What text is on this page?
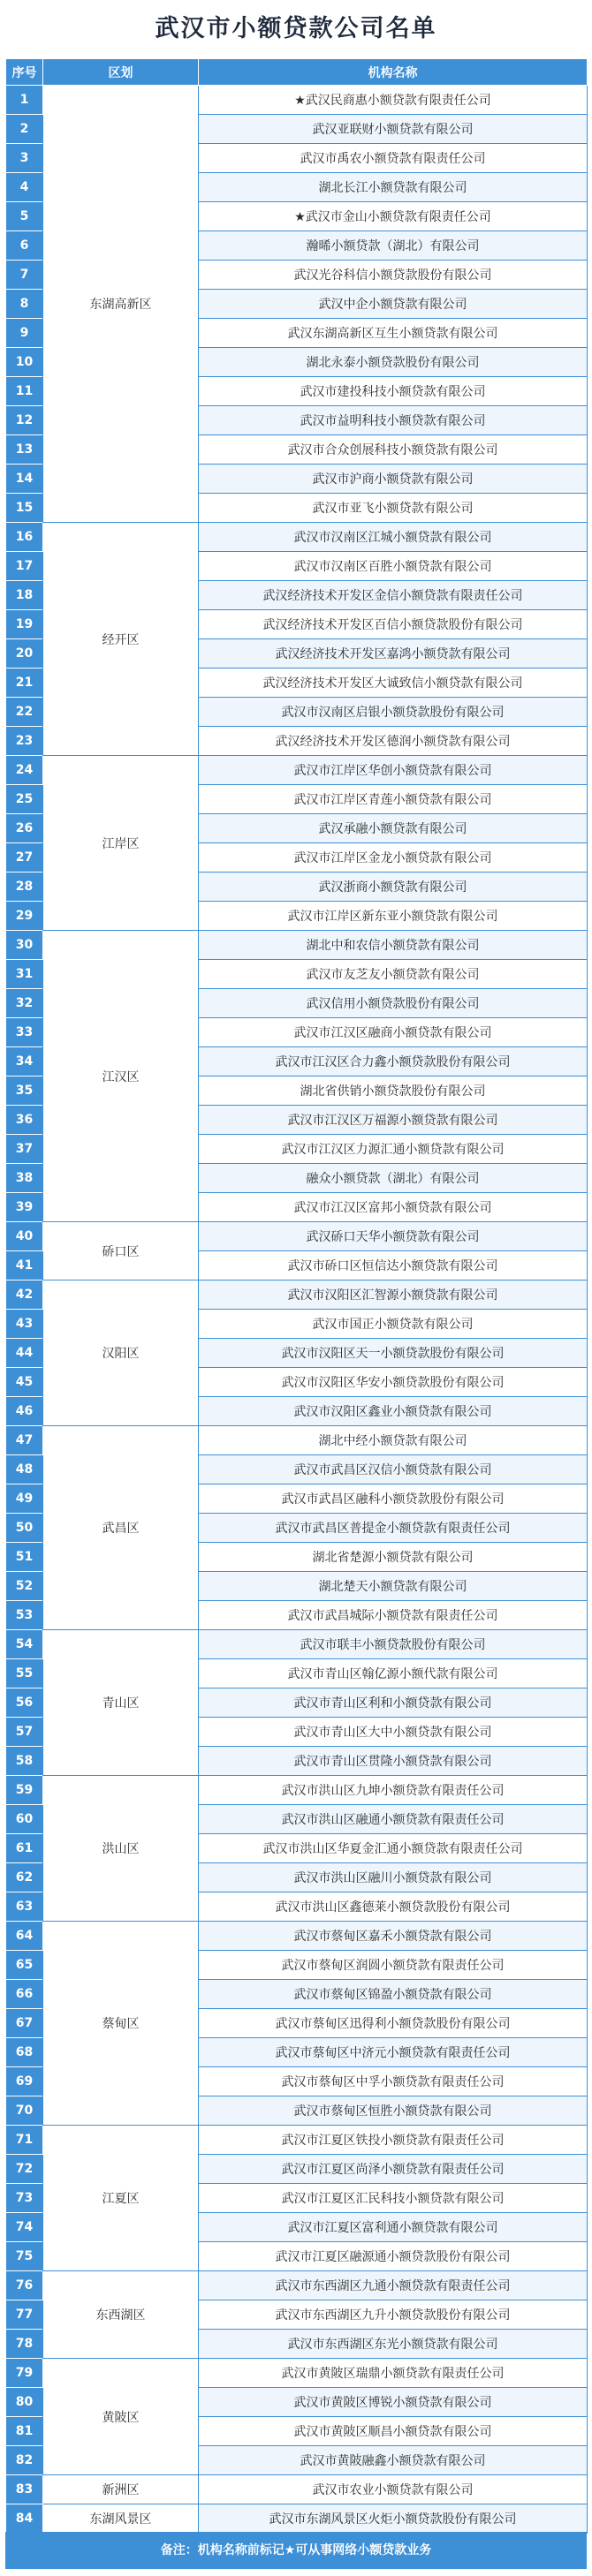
武汉市小额贷款公司名单
序号	区划	机构名称
1	东湖高新区	★武汉民商惠小额贷款有限责任公司
2		武汉亚联财小额贷款有限公司
3		武汉市禹农小额贷款有限责任公司
4		湖北长江小额贷款有限公司
5		★武汉市金山小额贷款有限责任公司
6		瀚晞小额贷款（湖北）有限公司
7		武汉光谷科信小额贷款股份有限公司
8		武汉中企小额贷款有限公司
9		武汉东湖高新区互生小额贷款有限公司
10		湖北永泰小额贷款股份有限公司
11		武汉市建投科技小额贷款有限公司
12		武汉市益明科技小额贷款有限公司
13		武汉市合众创展科技小额贷款有限公司
14		武汉市沪商小额贷款有限公司
15		武汉市亚飞小额贷款有限公司
16	经开区	武汉市汉南区江城小额贷款有限公司
17		武汉市汉南区百胜小额贷款有限公司
18		武汉经济技术开发区金信小额贷款有限责任公司
19		武汉经济技术开发区百信小额贷款股份有限公司
20		武汉经济技术开发区嘉鸿小额贷款有限公司
21		武汉经济技术开发区大诚致信小额贷款有限公司
22		武汉市汉南区启银小额贷款股份有限公司
23		武汉经济技术开发区德润小额贷款有限公司
24	江岸区	武汉市江岸区华创小额贷款有限公司
25		武汉市江岸区青莲小额贷款有限公司
26		武汉承融小额贷款有限公司
27		武汉市江岸区金龙小额贷款有限公司
28		武汉浙商小额贷款有限公司
29		武汉市江岸区新东亚小额贷款有限公司
30	江汉区	湖北中和农信小额贷款有限公司
31		武汉市友芝友小额贷款有限公司
32		武汉信用小额贷款股份有限公司
33		武汉市江汉区融商小额贷款有限公司
34		武汉市江汉区合力鑫小额贷款股份有限公司
35		湖北省供销小额贷款股份有限公司
36		武汉市江汉区万福源小额贷款有限公司
37		武汉市江汉区力源汇通小额贷款有限公司
38		融众小额贷款（湖北）有限公司
39		武汉市江汉区富邦小额贷款有限公司
40	硚口区	武汉硚口天华小额贷款有限公司
41		武汉市硚口区恒信达小额贷款有限公司
42	汉阳区	武汉市汉阳区汇智源小额贷款有限公司
43		武汉市国正小额贷款有限公司
44		武汉市汉阳区天一小额贷款股份有限公司
45		武汉市汉阳区华安小额贷款股份有限公司
46		武汉市汉阳区鑫业小额贷款有限公司
47	武昌区	湖北中经小额贷款有限公司
48		武汉市武昌区汉信小额贷款有限公司
49		武汉市武昌区融科小额贷款股份有限公司
50		武汉市武昌区普提金小额贷款有限责任公司
51		湖北省楚源小额贷款有限公司
52		湖北楚天小额贷款有限公司
53		武汉市武昌城际小额贷款有限责任公司
54	青山区	武汉市联丰小额贷款股份有限公司
55		武汉市青山区翰亿源小额代款有限公司
56		武汉市青山区利和小额贷款有限公司
57		武汉市青山区大中小额贷款有限公司
58		武汉市青山区贯隆小额贷款有限公司
59	洪山区	武汉市洪山区九坤小额贷款有限责任公司
60		武汉市洪山区融通小额贷款有限责任公司
61		武汉市洪山区华夏金汇通小额贷款有限责任公司
62		武汉市洪山区融川小额贷款有限公司
63		武汉市洪山区鑫德莱小额贷款股份有限公司
64	蔡甸区	武汉市蔡甸区嘉禾小额贷款有限公司
65		武汉市蔡甸区润圆小额贷款有限责任公司
66		武汉市蔡甸区锦盈小额贷款有限公司
67		武汉市蔡甸区迅得利小额贷款股份有限公司
68		武汉市蔡甸区中济元小额贷款有限责任公司
69		武汉市蔡甸区中孚小额贷款有限责任公司
70		武汉市蔡甸区恒胜小额贷款有限公司
71	江夏区	武汉市江夏区铁投小额贷款有限责任公司
72		武汉市江夏区尚泽小额贷款有限责任公司
73		武汉市江夏区汇民科技小额贷款有限公司
74		武汉市江夏区富利通小额贷款有限公司
75		武汉市江夏区融源通小额贷款股份有限公司
76	东西湖区	武汉市东西湖区九通小额贷款有限责任公司
77		武汉市东西湖区九升小额贷款股份有限公司
78		武汉市东西湖区东光小额贷款有限公司
79	黄陂区	武汉市黄陂区瑞鼎小额贷款有限责任公司
80		武汉市黄陂区博锐小额贷款有限公司
81		武汉市黄陂区顺昌小额贷款有限公司
82		武汉市黄陂融鑫小额贷款有限公司
83	新洲区	武汉市农业小额贷款有限公司
84	东湖风景区	武汉市东湖风景区火炬小额贷款股份有限公司
备注：机构名称前标记★可从事网络小额贷款业务
